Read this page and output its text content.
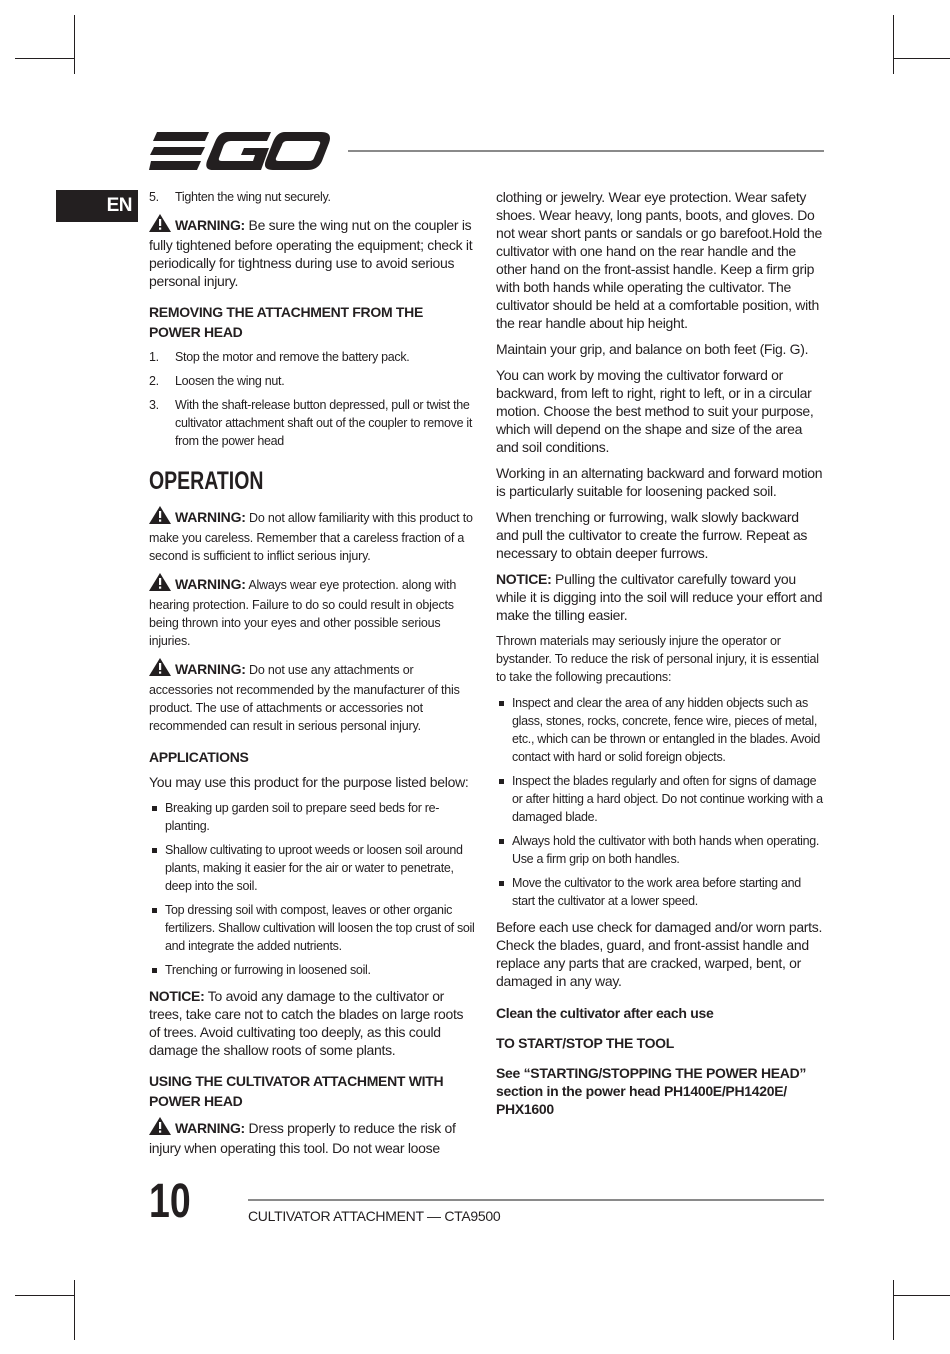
EN	5. Tighten the wing nut securely.

WARNING: Be sure the wing nut on the coupler is fully tightened before operating the equipment; check it periodically for tightness during use to avoid serious personal injury.

REMOVING THE ATTACHMENT FROM THE POWER HEAD
1. Stop the motor and remove the battery pack.
2. Loosen the wing nut.
3. With the shaft-release button depressed, pull or twist the cultivator attachment shaft out of the coupler to remove it from the power head
OPERATION

WARNING: Do not allow familiarity with this product to make you careless. Remember that a careless fraction of a second is sufficient to inflict serious injury.

WARNING: Always wear eye protection. along with hearing protection. Failure to do so could result in objects being thrown into your eyes and other possible serious injuries.

WARNING: Do not use any attachments or accessories not recommended by the manufacturer of this product. The use of attachments or accessories not recommended can result in serious personal injury.

APPLICATIONS

You may use this product for the purpose listed below:

Breaking up garden soil to prepare seed beds for re-planting.
Shallow cultivating to uproot weeds or loosen soil around plants, making it easier for the air or water to penetrate, deep into the soil.
Top dressing soil with compost, leaves or other organic fertilizers. Shallow cultivation will loosen the top crust of soil and integrate the added nutrients.
Trenching or furrowing in loosened soil.

NOTICE: To avoid any damage to the cultivator or trees, take care not to catch the blades on large roots of trees. Avoid cultivating too deeply, as this could damage the shallow roots of some plants.

USING THE CULTIVATOR ATTACHMENT WITH POWER HEAD

WARNING: Dress properly to reduce the risk of injury when operating this tool. Do not wear loose

clothing or jewelry. Wear eye protection. Wear safety shoes. Wear heavy, long pants, boots, and gloves. Do not wear short pants or sandals or go barefoot.Hold the cultivator with one hand on the rear handle and the other hand on the front-assist handle. Keep a firm grip with both hands while operating the cultivator. The cultivator should be held at a comfortable position, with the rear handle about hip height.

Maintain your grip, and balance on both feet (Fig. G).

You can work by moving the cultivator forward or backward, from left to right, right to left, or in a circular motion. Choose the best method to suit your purpose, which will depend on the shape and size of the area and soil conditions.

Working in an alternating backward and forward motion is particularly suitable for loosening packed soil.

When trenching or furrowing, walk slowly backward and pull the cultivator to create the furrow. Repeat as necessary to obtain deeper furrows.

NOTICE: Pulling the cultivator carefully toward you while it is digging into the soil will reduce your effort and make the tilling easier.

Thrown materials may seriously injure the operator or bystander. To reduce the risk of personal injury, it is essential to take the following precautions:

Inspect and clear the area of any hidden objects such as glass, stones, rocks, concrete, fence wire, pieces of metal, etc., which can be thrown or entangled in the blades. Avoid contact with hard or solid foreign objects.
Inspect the blades regularly and often for signs of damage or after hitting a hard object. Do not continue working with a damaged blade.
Always hold the cultivator with both hands when operating. Use a firm grip on both handles.
Move the cultivator to the work area before starting and start the cultivator at a lower speed.

Before each use check for damaged and/or worn parts. Check the blades, guard, and front-assist handle and replace any parts that are cracked, warped, bent, or damaged in any way.

Clean the cultivator after each use

TO START/STOP THE TOOL

See “STARTING/STOPPING THE POWER HEAD” section in the power head PH1400E/PH1420E/ PHX1600

10	CULTIVATOR ATTACHMENT — CTA9500
